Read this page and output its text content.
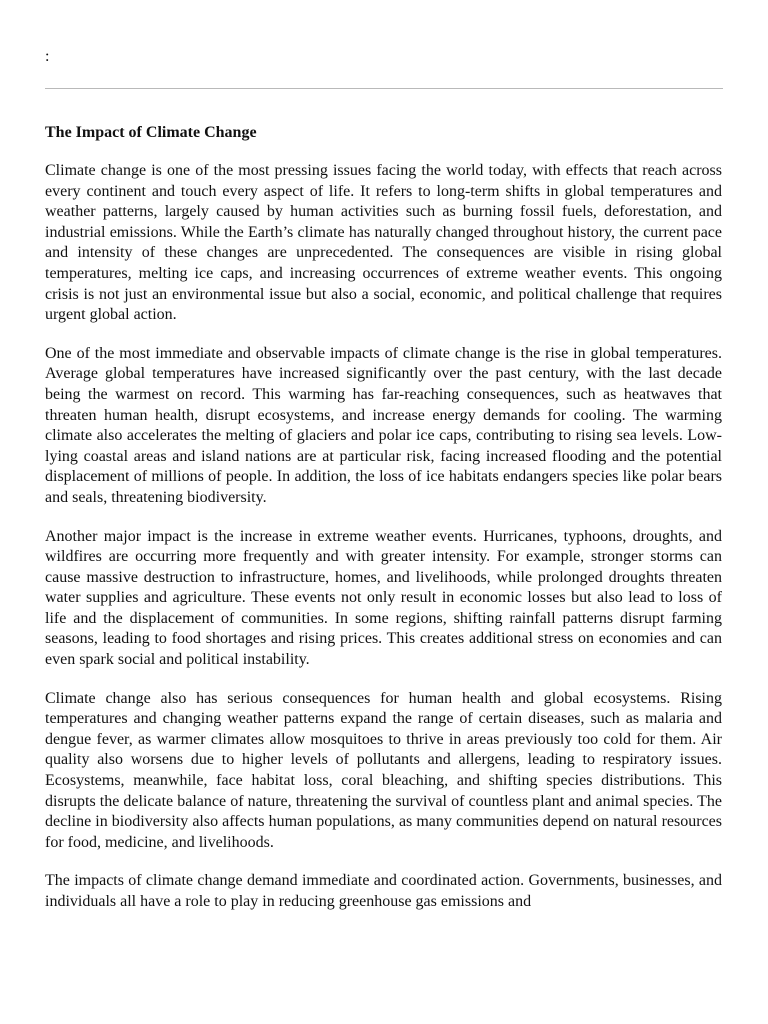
:
The Impact of Climate Change

Climate change is one of the most pressing issues facing the world today, with effects that reach across every continent and touch every aspect of life. It refers to long-term shifts in global temperatures and weather patterns, largely caused by human activities such as burning fossil fuels, deforestation, and industrial emissions. While the Earth’s climate has naturally changed throughout history, the current pace and intensity of these changes are unprecedented. The consequences are visible in rising global temperatures, melting ice caps, and increasing occurrences of extreme weather events. This ongoing crisis is not just an environmental issue but also a social, economic, and political challenge that requires urgent global action.

One of the most immediate and observable impacts of climate change is the rise in global temperatures. Average global temperatures have increased significantly over the past century, with the last decade being the warmest on record. This warming has far-reaching consequences, such as heatwaves that threaten human health, disrupt ecosystems, and increase energy demands for cooling. The warming climate also accelerates the melting of glaciers and polar ice caps, contributing to rising sea levels. Low-lying coastal areas and island nations are at particular risk, facing increased flooding and the potential displacement of millions of people. In addition, the loss of ice habitats endangers species like polar bears and seals, threatening biodiversity.

Another major impact is the increase in extreme weather events. Hurricanes, typhoons, droughts, and wildfires are occurring more frequently and with greater intensity. For example, stronger storms can cause massive destruction to infrastructure, homes, and livelihoods, while prolonged droughts threaten water supplies and agriculture. These events not only result in economic losses but also lead to loss of life and the displacement of communities. In some regions, shifting rainfall patterns disrupt farming seasons, leading to food shortages and rising prices. This creates additional stress on economies and can even spark social and political instability.

Climate change also has serious consequences for human health and global ecosystems. Rising temperatures and changing weather patterns expand the range of certain diseases, such as malaria and dengue fever, as warmer climates allow mosquitoes to thrive in areas previously too cold for them. Air quality also worsens due to higher levels of pollutants and allergens, leading to respiratory issues. Ecosystems, meanwhile, face habitat loss, coral bleaching, and shifting species distributions. This disrupts the delicate balance of nature, threatening the survival of countless plant and animal species. The decline in biodiversity also affects human populations, as many communities depend on natural resources for food, medicine, and livelihoods.

The impacts of climate change demand immediate and coordinated action. Governments, businesses, and individuals all have a role to play in reducing greenhouse gas emissions and
